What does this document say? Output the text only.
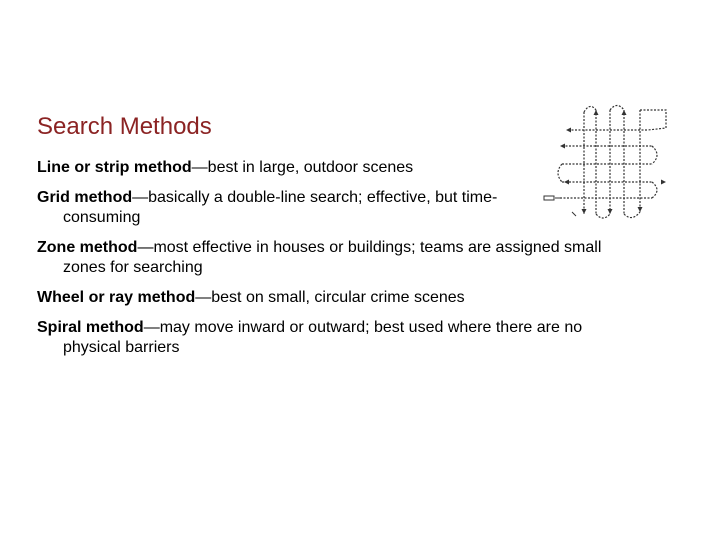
Search Methods
Line or strip method—best in large, outdoor scenes
Grid method—basically a double-line search; effective, but time-consuming
Zone method—most effective in houses or buildings; teams are assigned small zones for searching
Wheel or ray method—best on small, circular crime scenes
Spiral method—may move inward or outward; best used where there are no physical barriers
